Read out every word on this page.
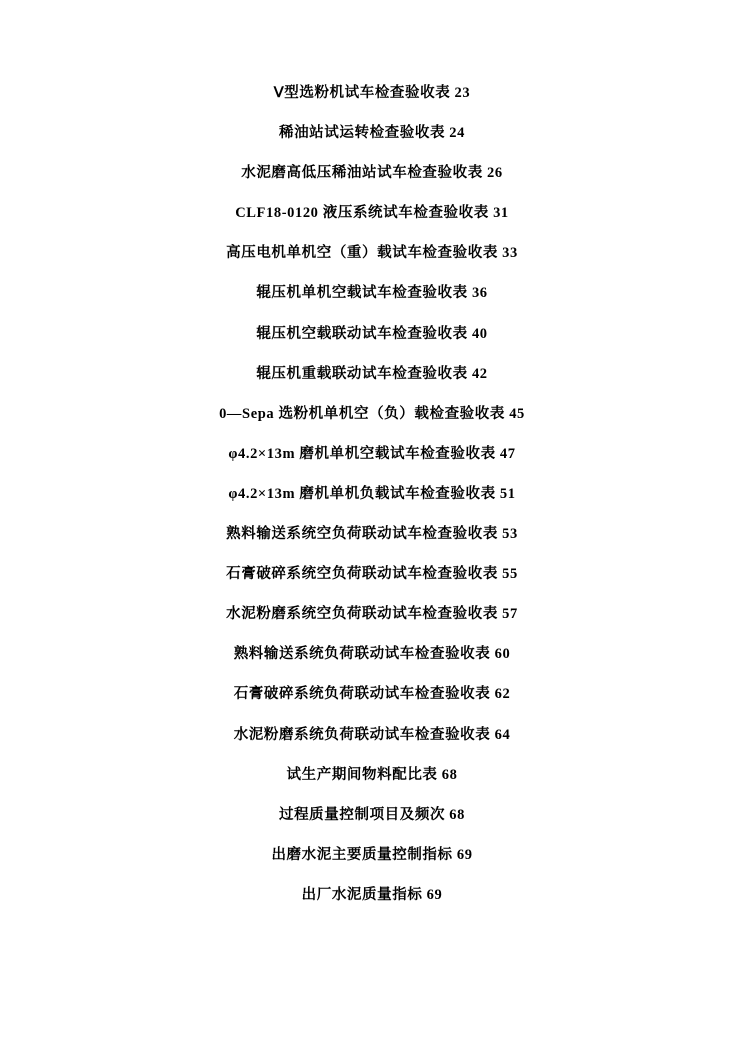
Ⅴ型选粉机试车检查验收表 23
稀油站试运转检查验收表 24
水泥磨高低压稀油站试车检查验收表 26
CLF18-0120 液压系统试车检查验收表 31
高压电机单机空（重）载试车检查验收表 33
辊压机单机空载试车检查验收表 36
辊压机空载联动试车检查验收表 40
辊压机重载联动试车检查验收表 42
0—Sepa 选粉机单机空（负）载检查验收表 45
φ4.2×13m 磨机单机空载试车检查验收表 47
φ4.2×13m 磨机单机负载试车检查验收表 51
熟料输送系统空负荷联动试车检查验收表 53
石膏破碎系统空负荷联动试车检查验收表 55
水泥粉磨系统空负荷联动试车检查验收表 57
熟料输送系统负荷联动试车检查验收表 60
石膏破碎系统负荷联动试车检查验收表 62
水泥粉磨系统负荷联动试车检查验收表 64
试生产期间物料配比表 68
过程质量控制项目及频次 68
出磨水泥主要质量控制指标 69
出厂水泥质量指标 69
